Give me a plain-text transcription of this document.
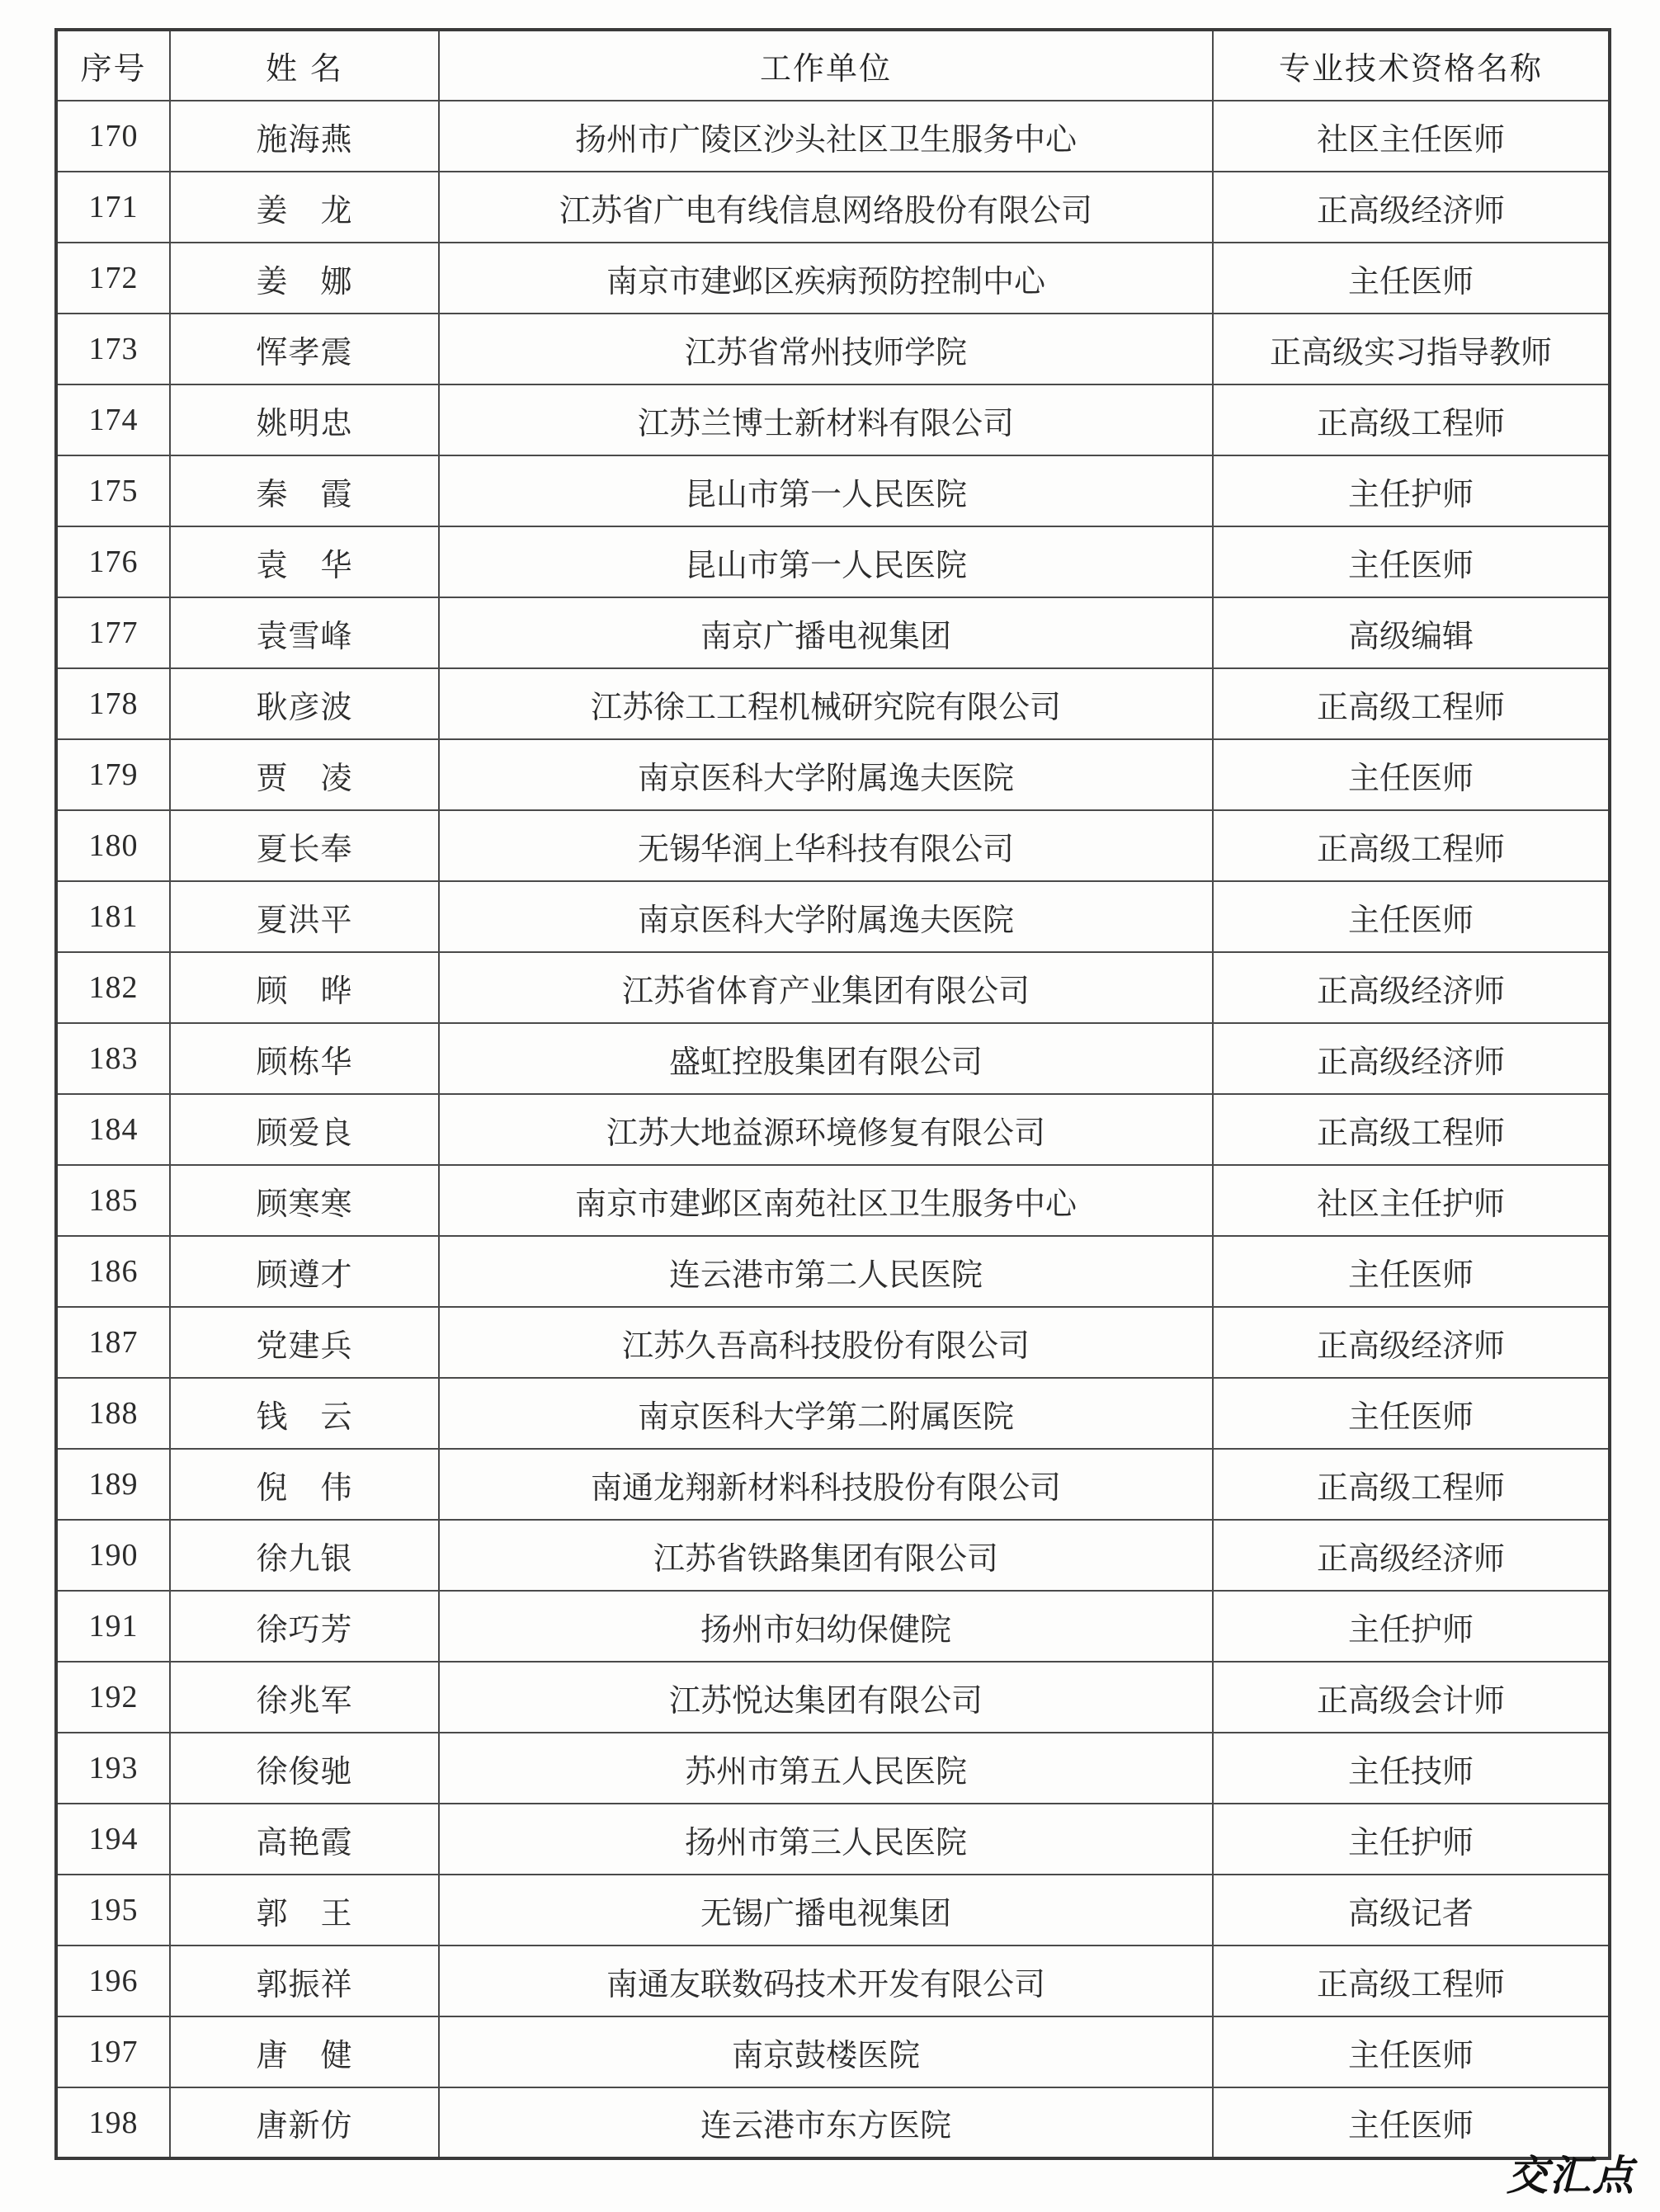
序号	姓 名	工作单位	专业技术资格名称
170	施海燕	扬州市广陵区沙头社区卫生服务中心	社区主任医师
171	姜　龙	江苏省广电有线信息网络股份有限公司	正高级经济师
172	姜　娜	南京市建邺区疾病预防控制中心	主任医师
173	恽孝震	江苏省常州技师学院	正高级实习指导教师
174	姚明忠	江苏兰博士新材料有限公司	正高级工程师
175	秦　霞	昆山市第一人民医院	主任护师
176	袁　华	昆山市第一人民医院	主任医师
177	袁雪峰	南京广播电视集团	高级编辑
178	耿彦波	江苏徐工工程机械研究院有限公司	正高级工程师
179	贾　凌	南京医科大学附属逸夫医院	主任医师
180	夏长奉	无锡华润上华科技有限公司	正高级工程师
181	夏洪平	南京医科大学附属逸夫医院	主任医师
182	顾　晔	江苏省体育产业集团有限公司	正高级经济师
183	顾栋华	盛虹控股集团有限公司	正高级经济师
184	顾爱良	江苏大地益源环境修复有限公司	正高级工程师
185	顾寒寒	南京市建邺区南苑社区卫生服务中心	社区主任护师
186	顾遵才	连云港市第二人民医院	主任医师
187	党建兵	江苏久吾高科技股份有限公司	正高级经济师
188	钱　云	南京医科大学第二附属医院	主任医师
189	倪　伟	南通龙翔新材料科技股份有限公司	正高级工程师
190	徐九银	江苏省铁路集团有限公司	正高级经济师
191	徐巧芳	扬州市妇幼保健院	主任护师
192	徐兆军	江苏悦达集团有限公司	正高级会计师
193	徐俊驰	苏州市第五人民医院	主任技师
194	高艳霞	扬州市第三人民医院	主任护师
195	郭　王	无锡广播电视集团	高级记者
196	郭振祥	南通友联数码技术开发有限公司	正高级工程师
197	唐　健	南京鼓楼医院	主任医师
198	唐新仿	连云港市东方医院	主任医师
交汇点
